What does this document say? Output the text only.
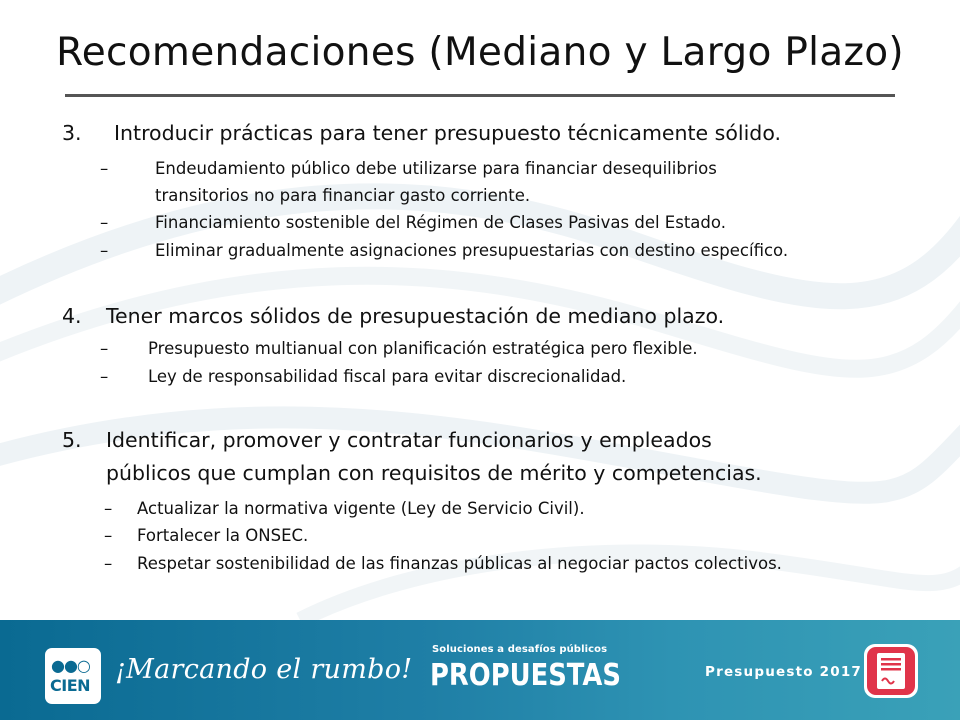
Recomendaciones (Mediano y Largo Plazo)
3. Introducir prácticas para tener presupuesto técnicamente sólido.
–	Endeudamiento público debe utilizarse para financiar desequilibrios
transitorios no para financiar gasto corriente.
–	Financiamiento sostenible del Régimen de Clases Pasivas del Estado.
–	Eliminar gradualmente asignaciones presupuestarias con destino específico.
4. Tener marcos sólidos de presupuestación de mediano plazo.
– Presupuesto multianual con planificación estratégica pero flexible.
– Ley de responsabilidad fiscal para evitar discrecionalidad.
5. Identificar, promover y contratar funcionarios y empleados
públicos que cumplan con requisitos de mérito y competencias.
– Actualizar la normativa vigente (Ley de Servicio Civil).
– Fortalecer la ONSEC.
– Respetar sostenibilidad de las finanzas públicas al negociar pactos colectivos.
●●○
CIEN
¡Marcando el rumbo!
Soluciones a desafíos públicos
PROPUESTAS	Presupuesto 2017
